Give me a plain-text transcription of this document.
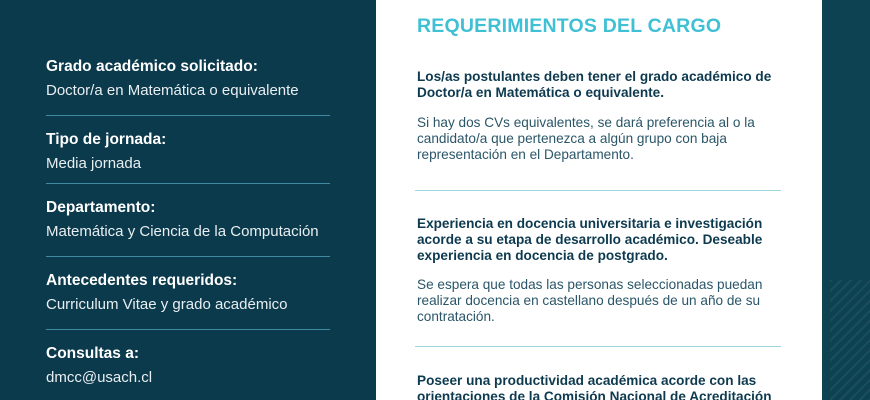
Grado académico solicitado:
Doctor/a en Matemática o equivalente
Tipo de jornada:
Media jornada
Departamento:
Matemática y Ciencia de la Computación
Antecedentes requeridos:
Curriculum Vitae y grado académico
Consultas a:
dmcc@usach.cl
REQUERIMIENTOS DEL CARGO
Los/as postulantes deben tener el grado académico de
Doctor/a en Matemática o equivalente.
Si hay dos CVs equivalentes, se dará preferencia al o la
candidato/a que pertenezca a algún grupo con baja
representación en el Departamento.
Experiencia en docencia universitaria e investigación
acorde a su etapa de desarrollo académico. Deseable
experiencia en docencia de postgrado.
Se espera que todas las personas seleccionadas puedan
realizar docencia en castellano después de un año de su
contratación.
Poseer una productividad académica acorde con las
orientaciones de la Comisión Nacional de Acreditación
